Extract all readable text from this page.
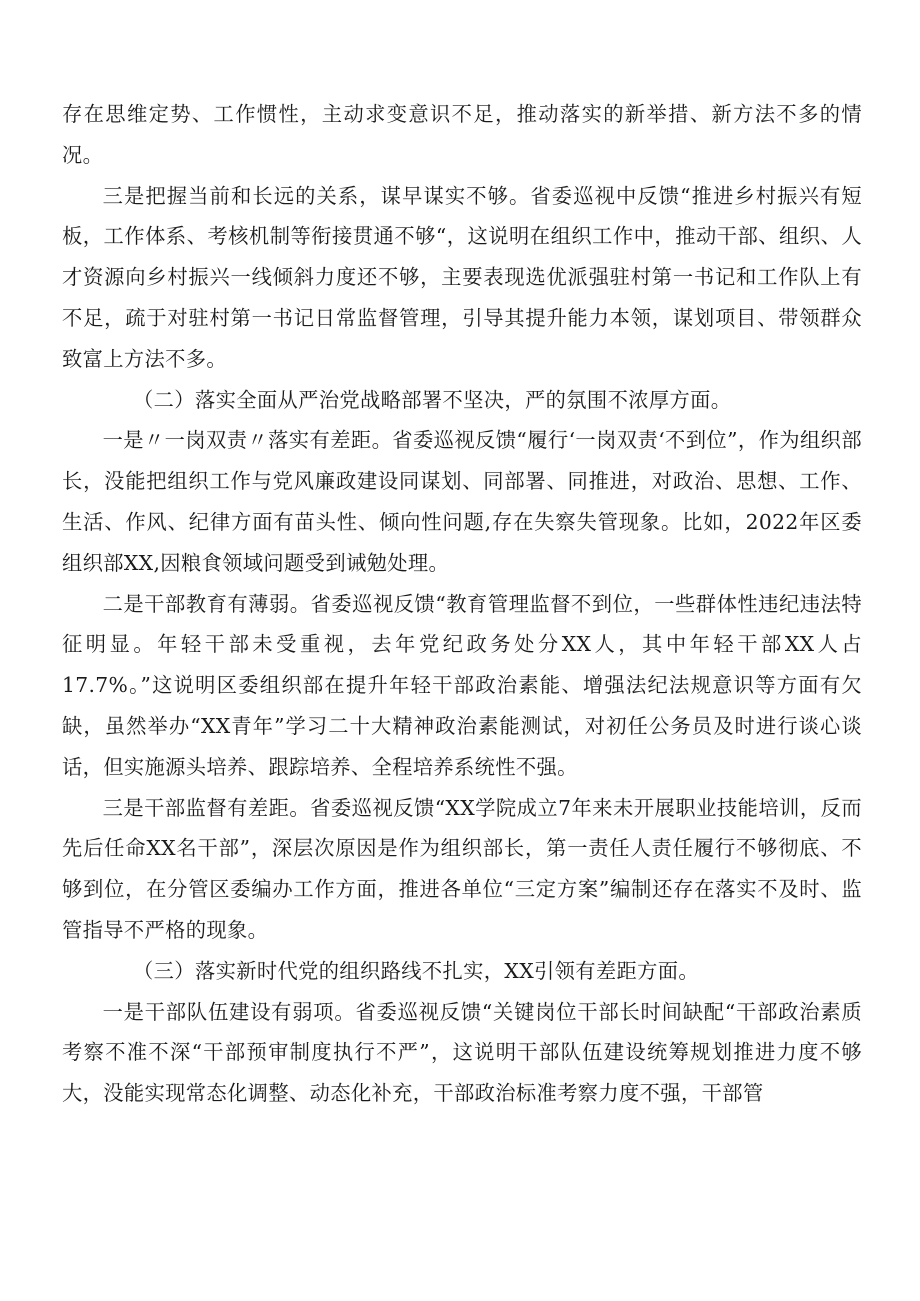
存在思维定势、工作惯性，主动求变意识不足，推动落实的新举措、新方法不多的情况。

三是把握当前和长远的关系，谋早谋实不够。省委巡视中反馈“推进乡村振兴有短板，工作体系、考核机制等衔接贯通不够“，这说明在组织工作中，推动干部、组织、人才资源向乡村振兴一线倾斜力度还不够，主要表现选优派强驻村第一书记和工作队上有不足，疏于对驻村第一书记日常监督管理，引导其提升能力本领，谋划项目、带领群众致富上方法不多。

（二）落实全面从严治党战略部署不坚决，严的氛围不浓厚方面。

一是〃一岗双责〃落实有差距。省委巡视反馈“履行‘一岗双责‘不到位”，作为组织部长，没能把组织工作与党风廉政建设同谋划、同部署、同推进，对政治、思想、工作、生活、作风、纪律方面有苗头性、倾向性问题,存在失察失管现象。比如，2022年区委组织部XX,因粮食领域问题受到诫勉处理。

二是干部教育有薄弱。省委巡视反馈“教育管理监督不到位，一些群体性违纪违法特征明显。年轻干部未受重视，去年党纪政务处分XX人，其中年轻干部XX人占17.7%。”这说明区委组织部在提升年轻干部政治素能、增强法纪法规意识等方面有欠缺，虽然举办“XX青年”学习二十大精神政治素能测试，对初任公务员及时进行谈心谈话，但实施源头培养、跟踪培养、全程培养系统性不强。

三是干部监督有差距。省委巡视反馈“XX学院成立7年来未开展职业技能培训，反而先后任命XX名干部”，深层次原因是作为组织部长，第一责任人责任履行不够彻底、不够到位，在分管区委编办工作方面，推进各单位“三定方案”编制还存在落实不及时、监管指导不严格的现象。

（三）落实新时代党的组织路线不扎实，XX引领有差距方面。

一是干部队伍建设有弱项。省委巡视反馈“关键岗位干部长时间缺配“干部政治素质考察不准不深“干部预审制度执行不严”，这说明干部队伍建设统筹规划推进力度不够大，没能实现常态化调整、动态化补充，干部政治标准考察力度不强，干部管
